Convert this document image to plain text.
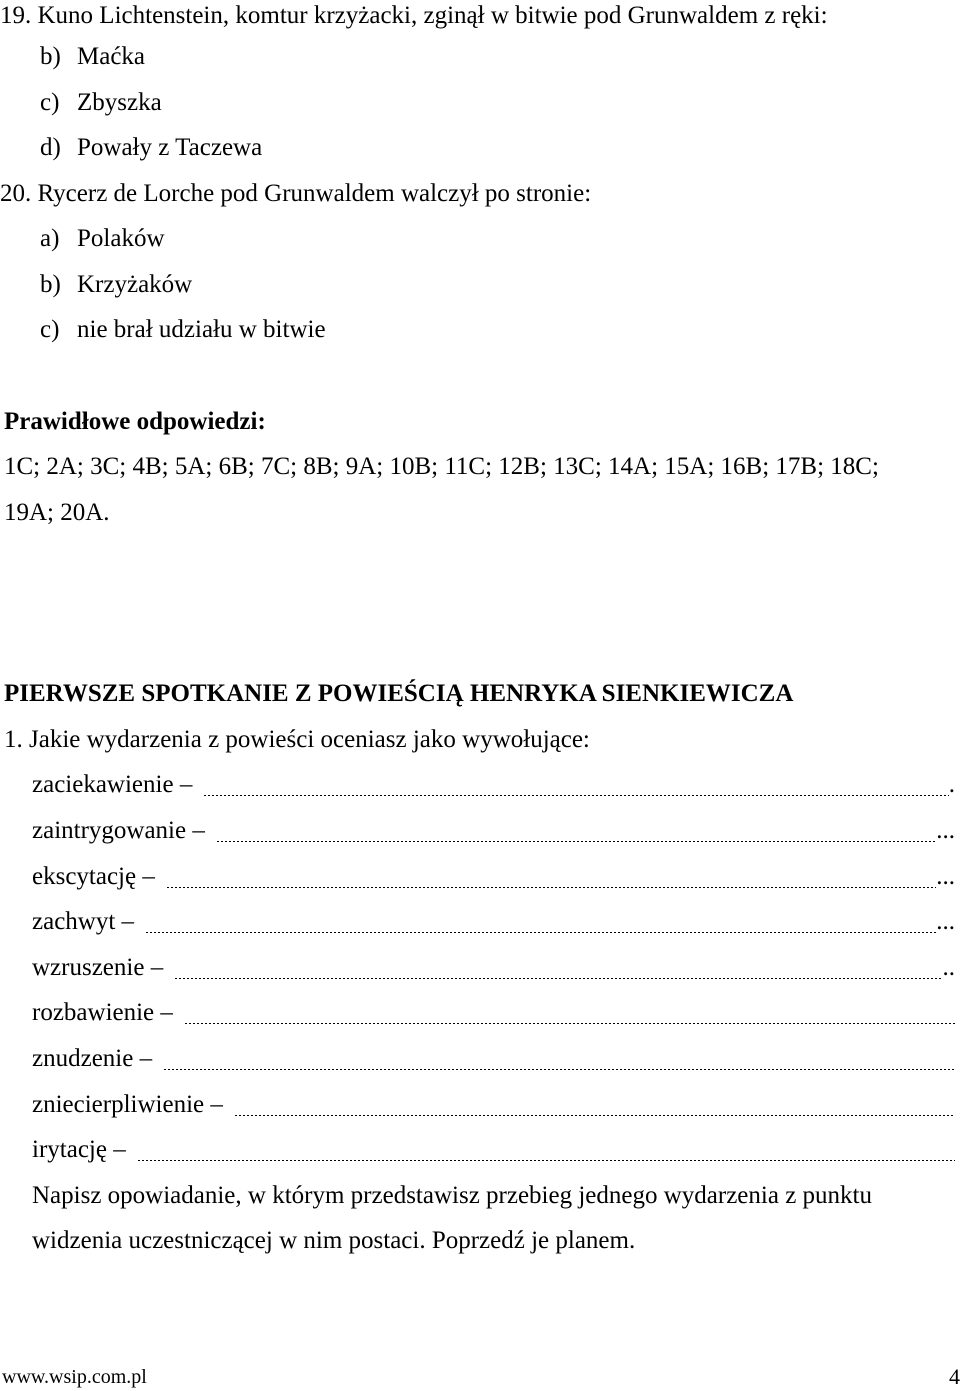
19. Kuno Lichtenstein, komtur krzyżacki, zginął w bitwie pod Grunwaldem z ręki:
b) Maćka
c) Zbyszka
d) Powały z Taczewa
20. Rycerz de Lorche pod Grunwaldem walczył po stronie:
a) Polaków
b) Krzyżaków
c) nie brał udziału w bitwie
Prawidłowe odpowiedzi:
1C; 2A; 3C; 4B; 5A; 6B; 7C; 8B; 9A; 10B; 11C; 12B; 13C; 14A; 15A; 16B; 17B; 18C;
19A; 20A.
PIERWSZE SPOTKANIE Z POWIEŚCIĄ HENRYKA SIENKIEWICZA
1. Jakie wydarzenia z powieści oceniasz jako wywołujące:
zaciekawienie –	.
zaintrygowanie –	...
ekscytację –	...
zachwyt –	...
wzruszenie –	..
rozbawienie –
znudzenie –
zniecierpliwienie –
irytację –
Napisz opowiadanie, w którym przedstawisz przebieg jednego wydarzenia z punktu
widzenia uczestniczącej w nim postaci. Poprzedź je planem.
www.wsip.com.pl	4
